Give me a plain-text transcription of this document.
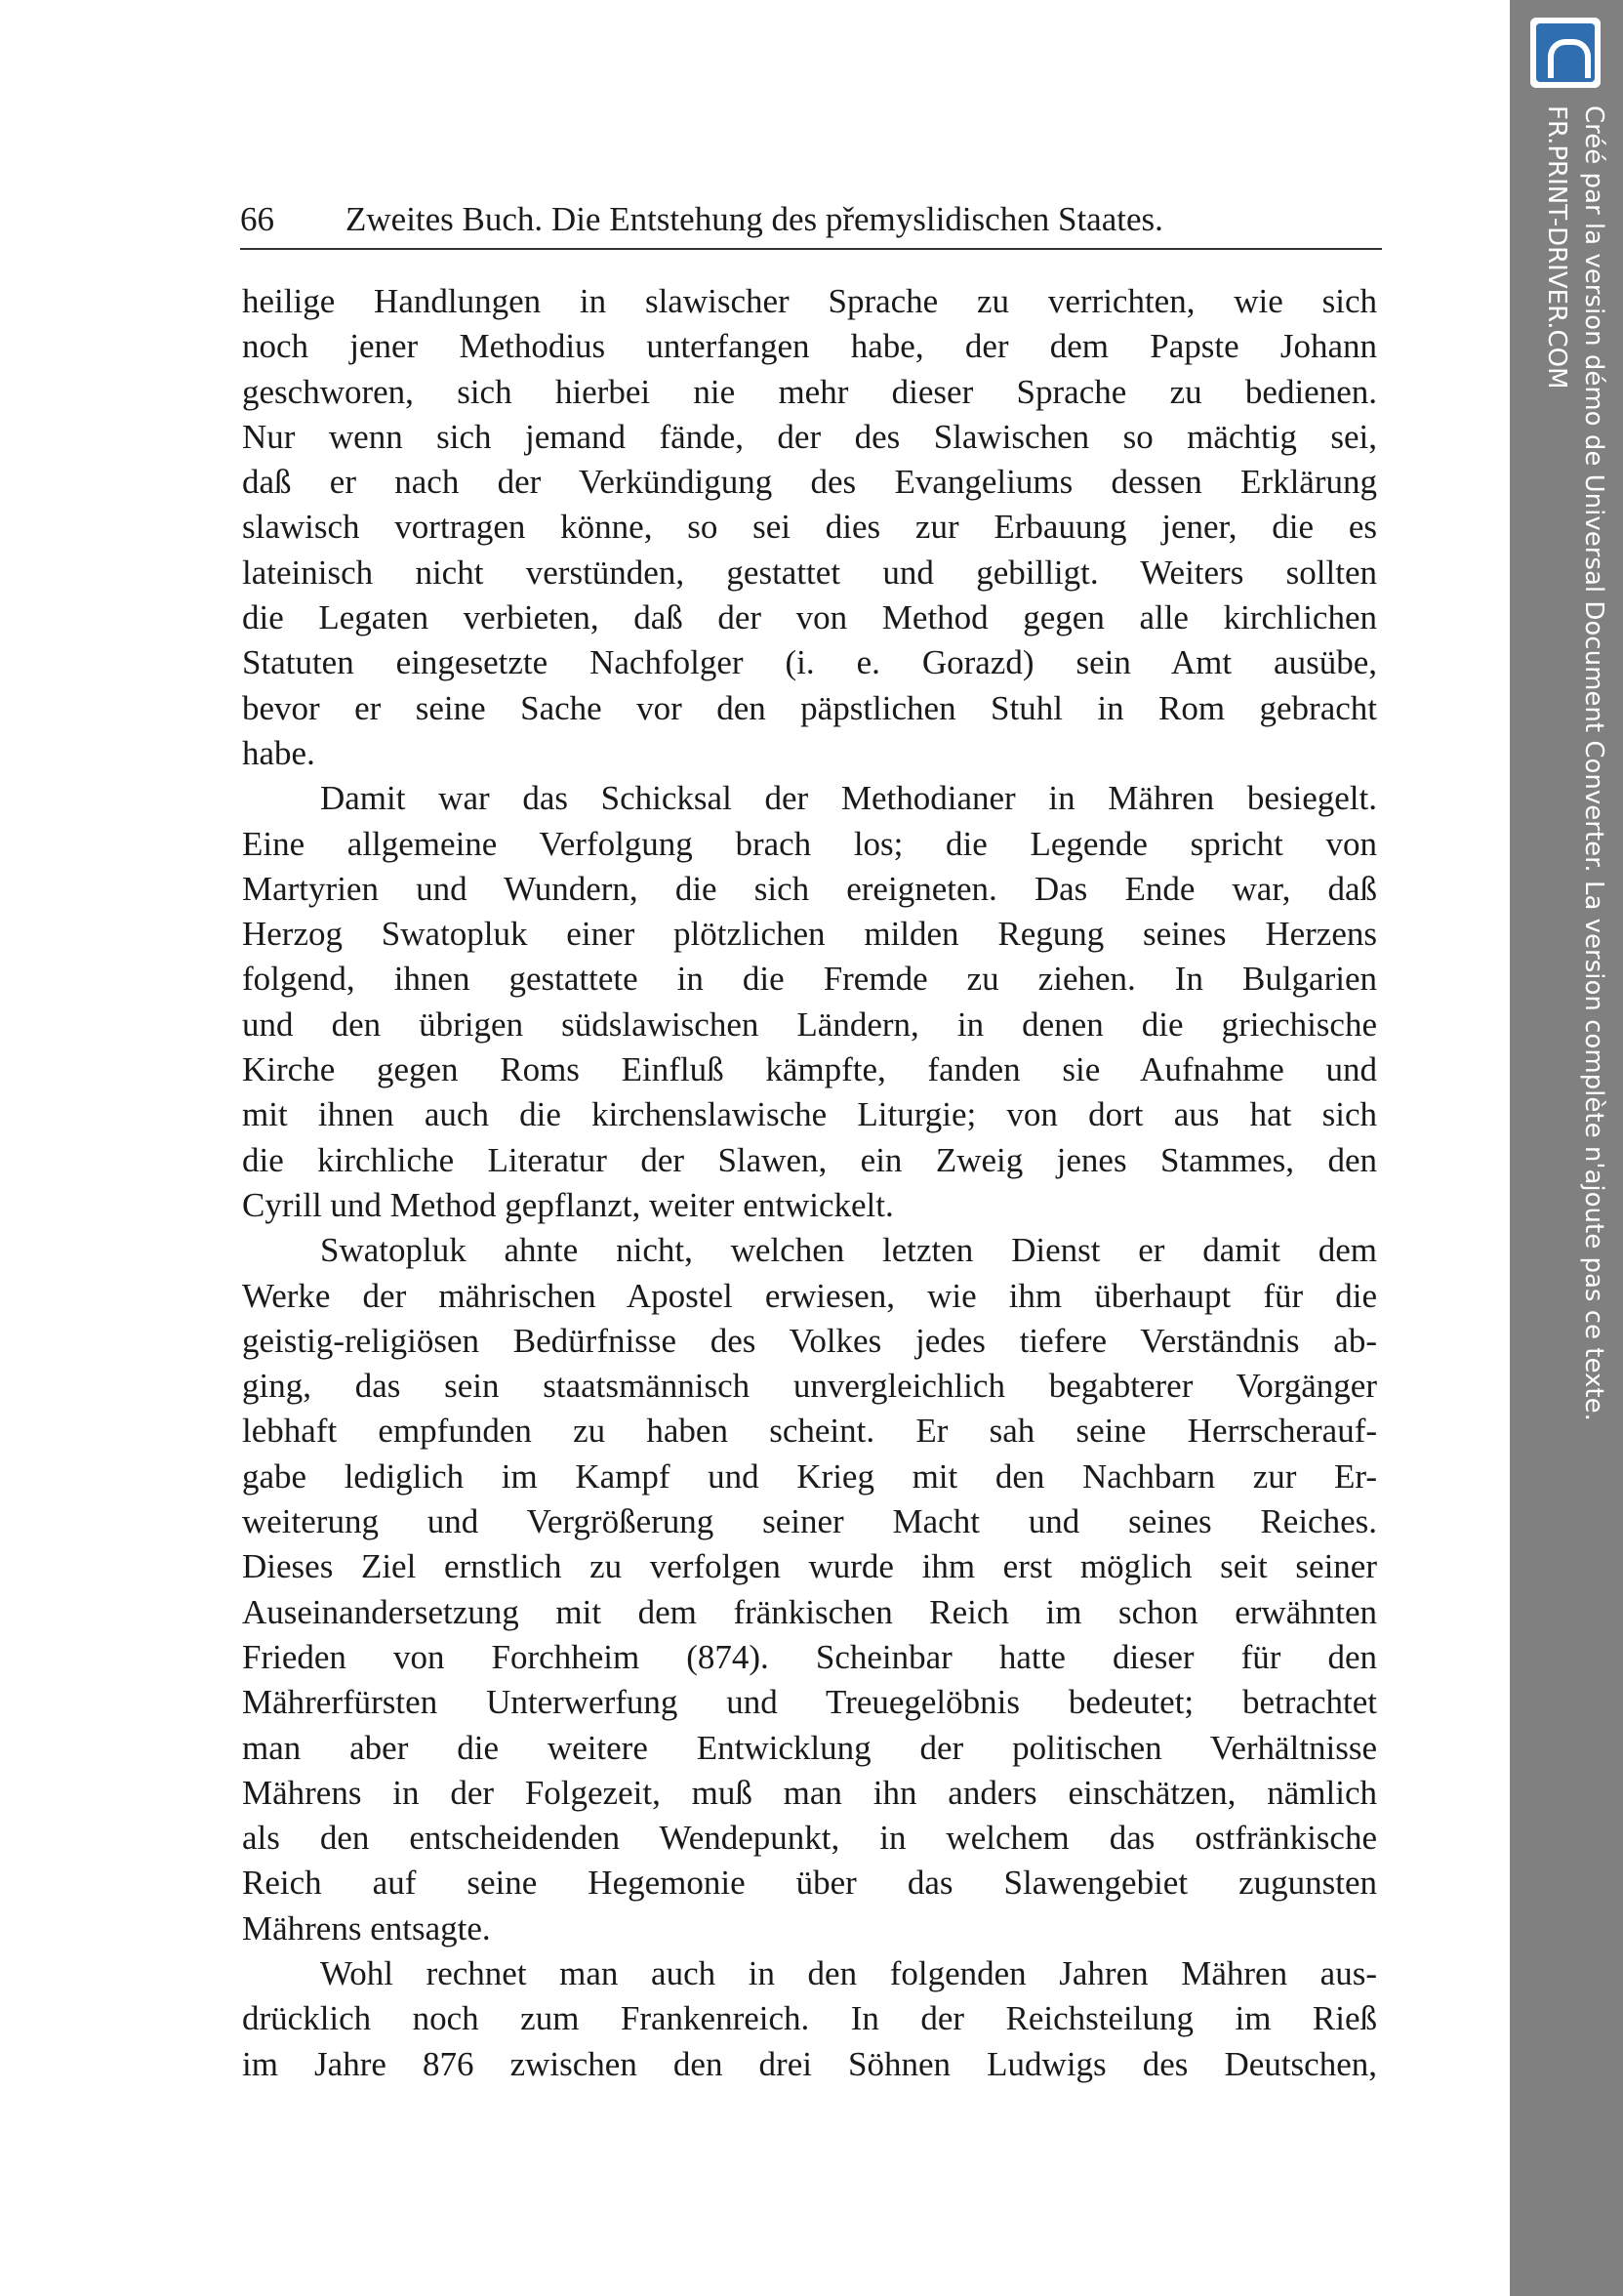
66 Zweites Buch. Die Entstehung des přemyslidischen Staates.

heilige Handlungen in slawischer Sprache zu verrichten, wie sich

noch jener Methodius unterfangen habe, der dem Papste Johann

geschworen, sich hierbei nie mehr dieser Sprache zu bedienen.

Nur wenn sich jemand fände, der des Slawischen so mächtig sei,

daß er nach der Verkündigung des Evangeliums dessen Erklärung

slawisch vortragen könne, so sei dies zur Erbauung jener, die es

lateinisch nicht verstünden, gestattet und gebilligt. Weiters sollten

die Legaten verbieten, daß der von Method gegen alle kirchlichen

Statuten eingesetzte Nachfolger (i. e. Gorazd) sein Amt ausübe,

bevor er seine Sache vor den päpstlichen Stuhl in Rom gebracht

habe.

Damit war das Schicksal der Methodianer in Mähren besiegelt.

Eine allgemeine Verfolgung brach los; die Legende spricht von

Martyrien und Wundern, die sich ereigneten. Das Ende war, daß

Herzog Swatopluk einer plötzlichen milden Regung seines Herzens

folgend, ihnen gestattete in die Fremde zu ziehen. In Bulgarien

und den übrigen südslawischen Ländern, in denen die griechische

Kirche gegen Roms Einfluß kämpfte, fanden sie Aufnahme und

mit ihnen auch die kirchenslawische Liturgie; von dort aus hat sich

die kirchliche Literatur der Slawen, ein Zweig jenes Stammes, den

Cyrill und Method gepflanzt, weiter entwickelt.

Swatopluk ahnte nicht, welchen letzten Dienst er damit dem

Werke der mährischen Apostel erwiesen, wie ihm überhaupt für die

geistig-religiösen Bedürfnisse des Volkes jedes tiefere Verständnis ab-

ging, das sein staatsmännisch unvergleichlich begabterer Vorgänger

lebhaft empfunden zu haben scheint. Er sah seine Herrscherauf-

gabe lediglich im Kampf und Krieg mit den Nachbarn zur Er-

weiterung und Vergrößerung seiner Macht und seines Reiches.

Dieses Ziel ernstlich zu verfolgen wurde ihm erst möglich seit seiner

Auseinandersetzung mit dem fränkischen Reich im schon erwähnten

Frieden von Forchheim (874). Scheinbar hatte dieser für den

Mährerfürsten Unterwerfung und Treuegelöbnis bedeutet; betrachtet

man aber die weitere Entwicklung der politischen Verhältnisse

Mährens in der Folgezeit, muß man ihn anders einschätzen, nämlich

als den entscheidenden Wendepunkt, in welchem das ostfränkische

Reich auf seine Hegemonie über das Slawengebiet zugunsten

Mährens entsagte.

Wohl rechnet man auch in den folgenden Jahren Mähren aus-

drücklich noch zum Frankenreich. In der Reichsteilung im Rieß

im Jahre 876 zwischen den drei Söhnen Ludwigs des Deutschen,

Créé par la version démo de Universal Document Converter. La version complète n'ajoute pas ce texte.
FR.PRINT-DRIVER.COM
